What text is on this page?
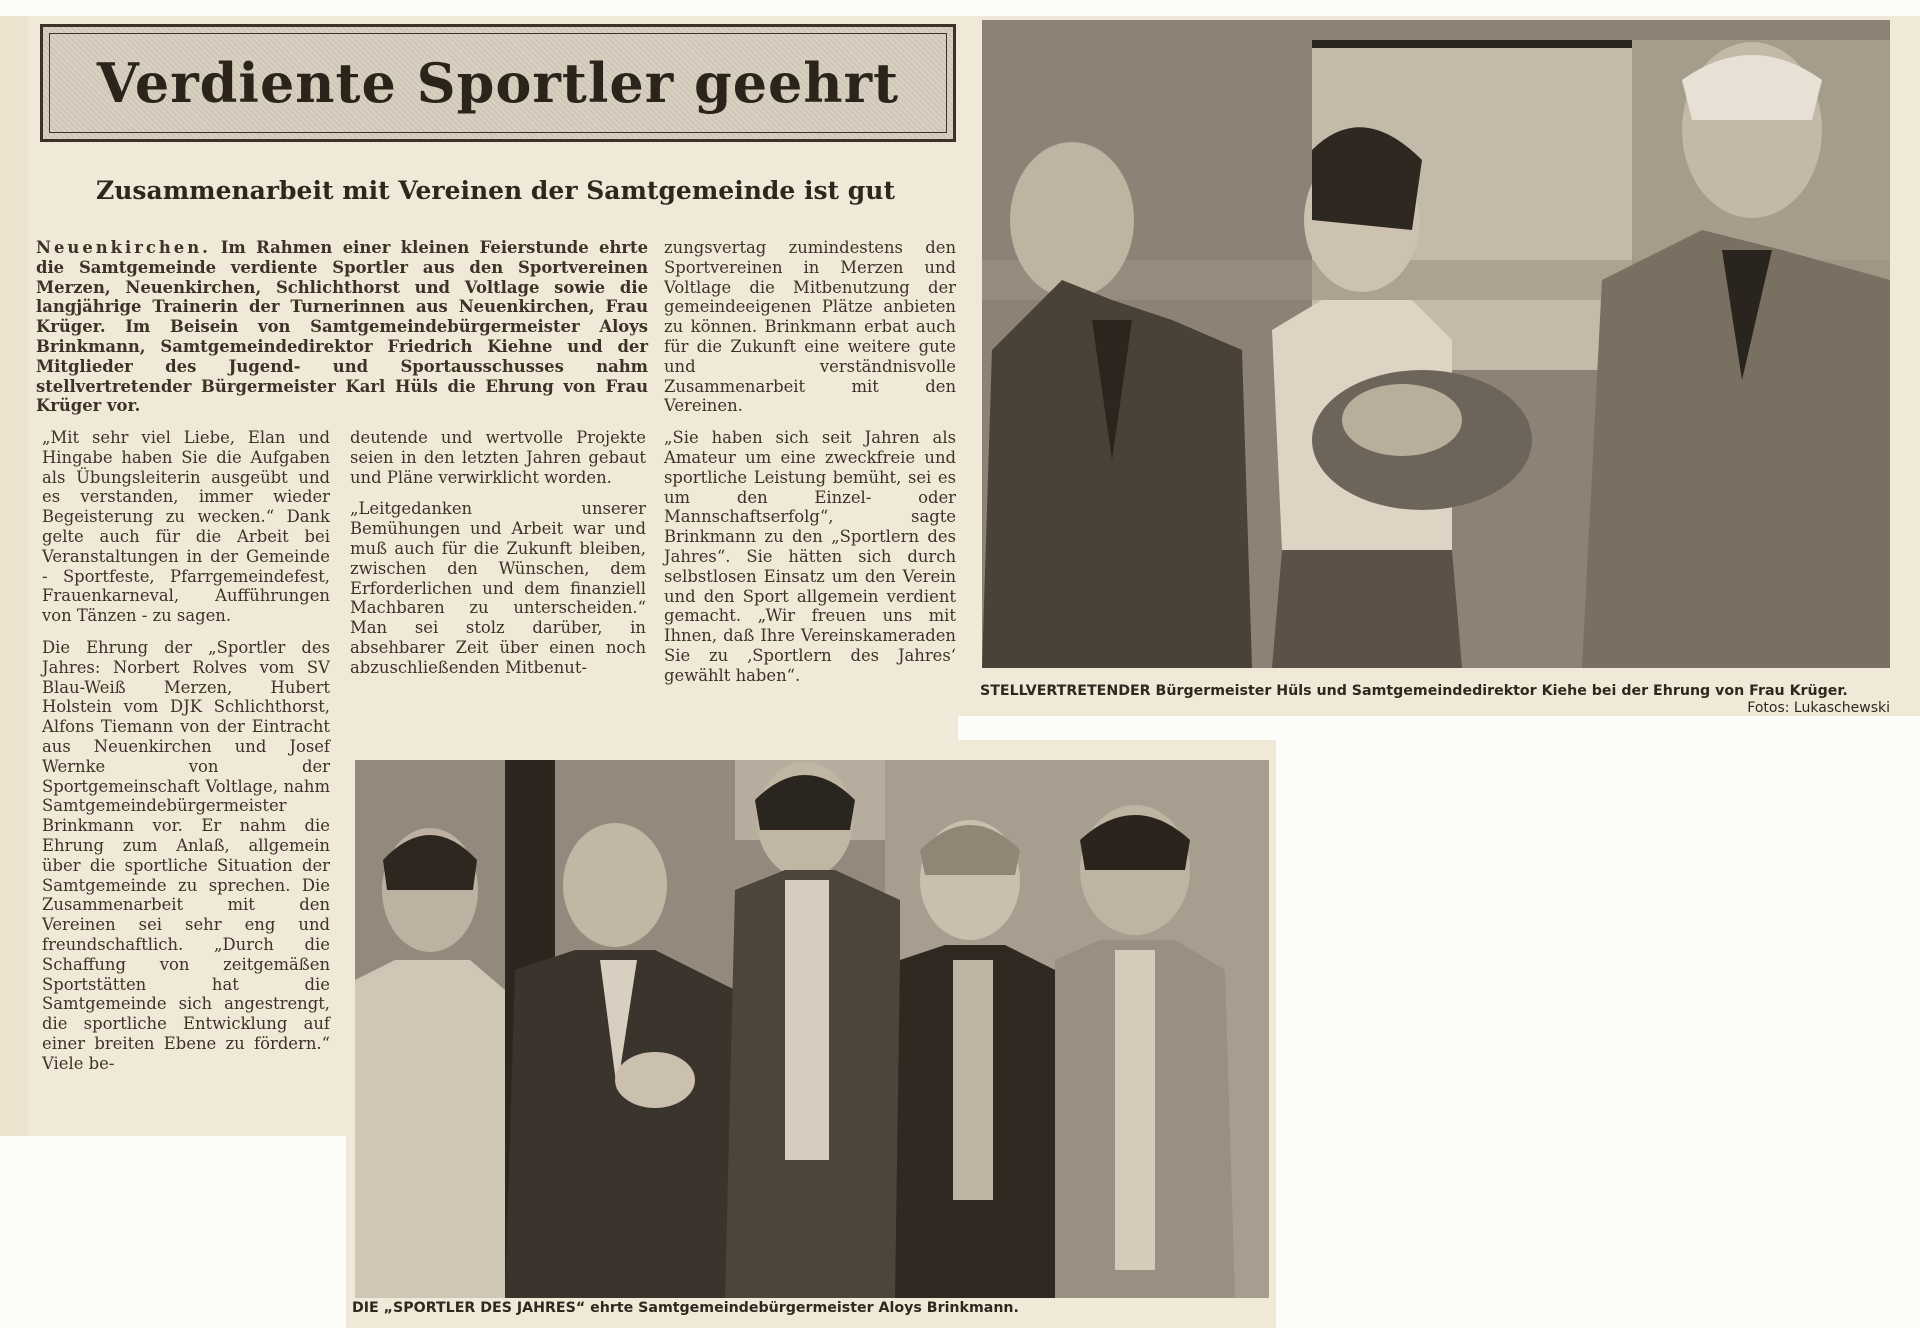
Verdiente Sportler geehrt
Zusammenarbeit mit Vereinen der Samtgemeinde ist gut
Neuenkirchen. Im Rahmen einer kleinen Feierstunde ehrte die Samtgemeinde verdiente Sportler aus den Sportvereinen Merzen, Neuenkirchen, Schlichthorst und Voltlage sowie die langjährige Trainerin der Turnerinnen aus Neuenkirchen, Frau Krüger. Im Beisein von Samtgemeindebürgermeister Aloys Brinkmann, Samtgemeindedirektor Friedrich Kiehne und der Mitglieder des Jugend- und Sportausschusses nahm stellvertretender Bürgermeister Karl Hüls die Ehrung von Frau Krüger vor.

„Mit sehr viel Liebe, Elan und Hingabe haben Sie die Aufgaben als Übungsleiterin ausgeübt und es verstanden, immer wieder Begeisterung zu wecken.“ Dank gelte auch für die Arbeit bei Veranstaltungen in der Gemeinde - Sportfeste, Pfarrgemeindefest, Frauenkarneval, Aufführungen von Tänzen - zu sagen.

Die Ehrung der „Sportler des Jahres: Norbert Rolves vom SV Blau-Weiß Merzen, Hubert Holstein vom DJK Schlichthorst, Alfons Tiemann von der Eintracht aus Neuenkirchen und Josef Wernke von der Sportgemeinschaft Voltlage, nahm Samtgemeindebürgermeister Brinkmann vor. Er nahm die Ehrung zum Anlaß, allgemein über die sportliche Situation der Samtgemeinde zu sprechen. Die Zusammenarbeit mit den Vereinen sei sehr eng und freundschaftlich. „Durch die Schaffung von zeitgemäßen Sportstätten hat die Samtgemeinde sich angestrengt, die sportliche Entwicklung auf einer breiten Ebene zu fördern.“ Viele be-

deutende und wertvolle Projekte seien in den letzten Jahren gebaut und Pläne verwirklicht worden.

„Leitgedanken unserer Bemühungen und Arbeit war und muß auch für die Zukunft bleiben, zwischen den Wünschen, dem Erforderlichen und dem finanziell Machbaren zu unterscheiden.“ Man sei stolz darüber, in absehbarer Zeit über einen noch abzuschließenden Mitbenut-

zungsvertag zumindestens den Sportvereinen in Merzen und Voltlage die Mitbenutzung der gemeindeeigenen Plätze anbieten zu können. Brinkmann erbat auch für die Zukunft eine weitere gute und verständnisvolle Zusammenarbeit mit den Vereinen.

„Sie haben sich seit Jahren als Amateur um eine zweckfreie und sportliche Leistung bemüht, sei es um den Einzel- oder Mannschaftserfolg“, sagte Brinkmann zu den „Sportlern des Jahres“. Sie hätten sich durch selbstlosen Einsatz um den Verein und den Sport allgemein verdient gemacht. „Wir freuen uns mit Ihnen, daß Ihre Vereinskameraden Sie zu ‚Sportlern des Jahres‘ gewählt haben“.

STELLVERTRETENDER Bürgermeister Hüls und Samtgemeindedirektor Kiehe bei der Ehrung von Frau Krüger.
Fotos: Lukaschewski
DIE „SPORTLER DES JAHRES“ ehrte Samtgemeindebürgermeister Aloys Brinkmann.
